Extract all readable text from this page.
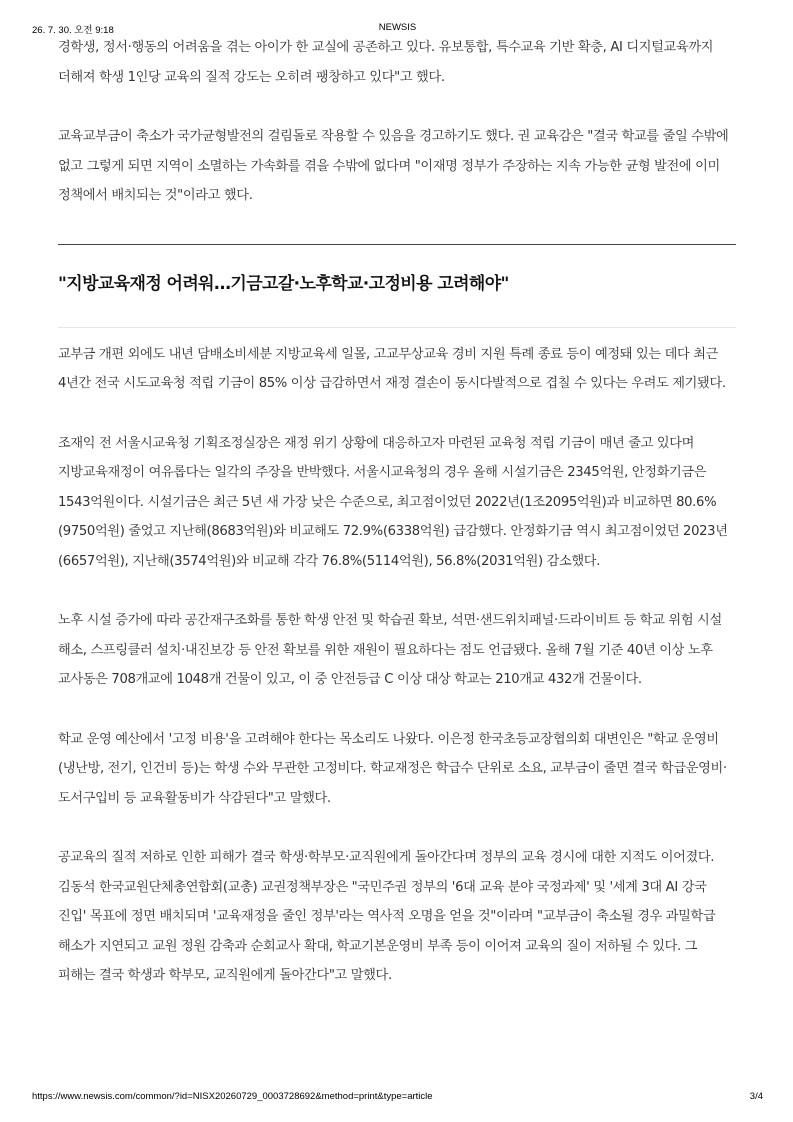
26. 7. 30. 오전 9:18	NEWSIS

경학생, 정서·행동의 어려움을 겪는 아이가 한 교실에 공존하고 있다. 유보통합, 특수교육 기반 확충, AI 디지털교육까지 더해져 학생 1인당 교육의 질적 강도는 오히려 팽창하고 있다"고 했다.

교육교부금이 축소가 국가균형발전의 걸림돌로 작용할 수 있음을 경고하기도 했다. 권 교육감은 "결국 학교를 줄일 수밖에 없고 그렇게 되면 지역이 소멸하는 가속화를 겪을 수밖에 없다며 "이재명 정부가 주장하는 지속 가능한 균형 발전에 이미 정책에서 배치되는 것"이라고 했다.

"지방교육재정 어려워…기금고갈·노후학교·고정비용 고려해야"

교부금 개편 외에도 내년 담배소비세분 지방교육세 일몰, 고교무상교육 경비 지원 특례 종료 등이 예정돼 있는 데다 최근 4년간 전국 시도교육청 적립 기금이 85% 이상 급감하면서 재정 결손이 동시다발적으로 겹칠 수 있다는 우려도 제기됐다.

조재익 전 서울시교육청 기획조정실장은 재정 위기 상황에 대응하고자 마련된 교육청 적립 기금이 매년 줄고 있다며 지방교육재정이 여유롭다는 일각의 주장을 반박했다. 서울시교육청의 경우 올해 시설기금은 2345억원, 안정화기금은 1543억원이다. 시설기금은 최근 5년 새 가장 낮은 수준으로, 최고점이었던 2022년(1조2095억원)과 비교하면 80.6%(9750억원) 줄었고 지난해(8683억원)와 비교해도 72.9%(6338억원) 급감했다. 안정화기금 역시 최고점이었던 2023년(6657억원), 지난해(3574억원)와 비교해 각각 76.8%(5114억원), 56.8%(2031억원) 감소했다.

노후 시설 증가에 따라 공간재구조화를 통한 학생 안전 및 학습권 확보, 석면·샌드위치패널·드라이비트 등 학교 위험 시설 해소, 스프링클러 설치·내진보강 등 안전 확보를 위한 재원이 필요하다는 점도 언급됐다. 올해 7월 기준 40년 이상 노후 교사동은 708개교에 1048개 건물이 있고, 이 중 안전등급 C 이상 대상 학교는 210개교 432개 건물이다.

학교 운영 예산에서 '고정 비용'을 고려해야 한다는 목소리도 나왔다. 이은정 한국초등교장협의회 대변인은 "학교 운영비(냉난방, 전기, 인건비 등)는 학생 수와 무관한 고정비다. 학교재정은 학급수 단위로 소요, 교부금이 줄면 결국 학급운영비·도서구입비 등 교육활동비가 삭감된다"고 말했다.

공교육의 질적 저하로 인한 피해가 결국 학생·학부모·교직원에게 돌아간다며 정부의 교육 경시에 대한 지적도 이어졌다. 김동석 한국교원단체총연합회(교총) 교권정책부장은 "국민주권 정부의 '6대 교육 분야 국정과제' 및 '세계 3대 AI 강국 진입' 목표에 정면 배치되며 '교육재정을 줄인 정부'라는 역사적 오명을 얻을 것"이라며 "교부금이 축소될 경우 과밀학급 해소가 지연되고 교원 정원 감축과 순회교사 확대, 학교기본운영비 부족 등이 이어져 교육의 질이 저하될 수 있다. 그 피해는 결국 학생과 학부모, 교직원에게 돌아간다"고 말했다.

https://www.newsis.com/common/?id=NISX20260729_0003728692&method=print&type=article	3/4
